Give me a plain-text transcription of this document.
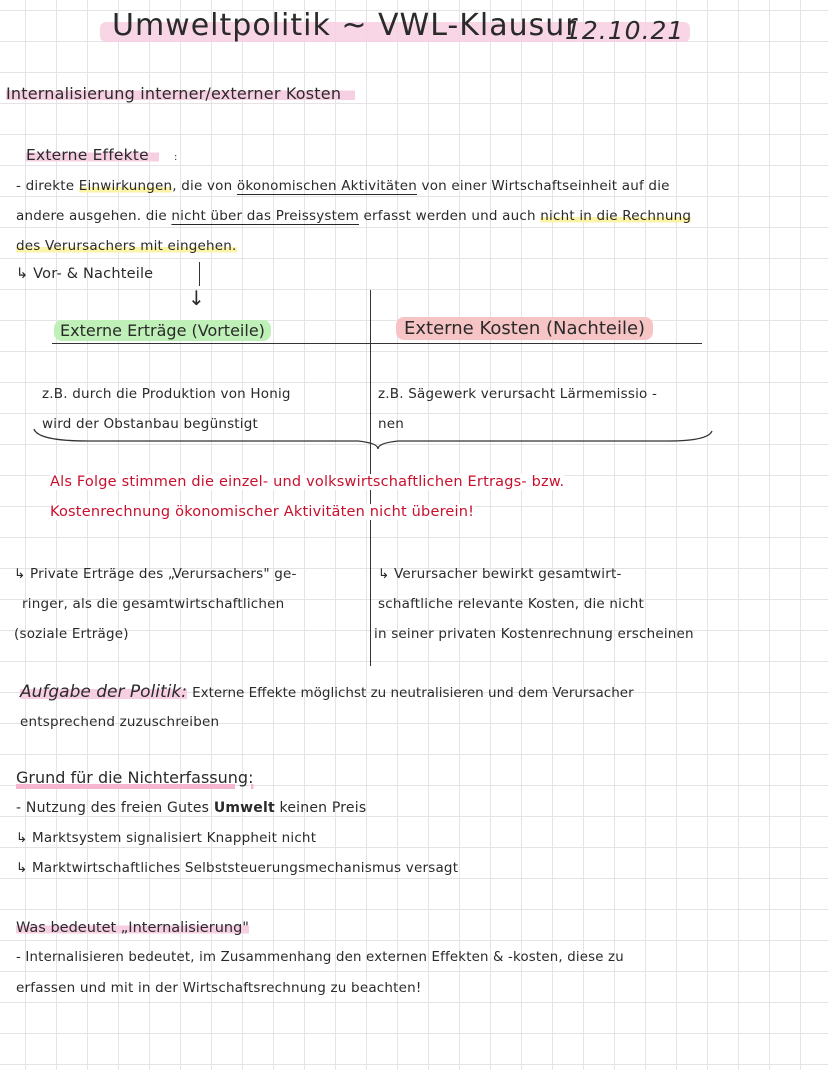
Umweltpolitik ~ VWL-Klausur
12.10.21
Internalisierung interner/externer Kosten
Externe Effekte	:
- direkte Einwirkungen, die von ökonomischen Aktivitäten von einer Wirtschaftseinheit auf die
andere ausgehen. die nicht über das Preissystem erfasst werden und auch nicht in die Rechnung
des Verursachers mit eingehen.
↳ Vor- & Nachteile
↓
Externe Erträge (Vorteile)	Externe Kosten (Nachteile)
z.B. durch die Produktion von Honig
wird der Obstanbau begünstigt
z.B. Sägewerk verursacht Lärmemissio -
nen
Als Folge stimmen die einzel- und volkswirtschaftlichen Ertrags- bzw.
Kostenrechnung ökonomischer Aktivitäten nicht überein!
↳ Private Erträge des „Verursachers" ge-
ringer, als die gesamtwirtschaftlichen
(soziale Erträge)
↳ Verursacher bewirkt gesamtwirt-
schaftliche relevante Kosten, die nicht
in seiner privaten Kostenrechnung erscheinen
Aufgabe der Politik: Externe Effekte möglichst zu neutralisieren und dem Verursacher
entsprechend zuzuschreiben
Grund für die Nichterfassung:
- Nutzung des freien Gutes Umwelt keinen Preis
↳ Marktsystem signalisiert Knappheit nicht
↳ Marktwirtschaftliches Selbststeuerungsmechanismus versagt
Was bedeutet „Internalisierung"
- Internalisieren bedeutet, im Zusammenhang den externen Effekten & -kosten, diese zu
erfassen und mit in der Wirtschaftsrechnung zu beachten!
